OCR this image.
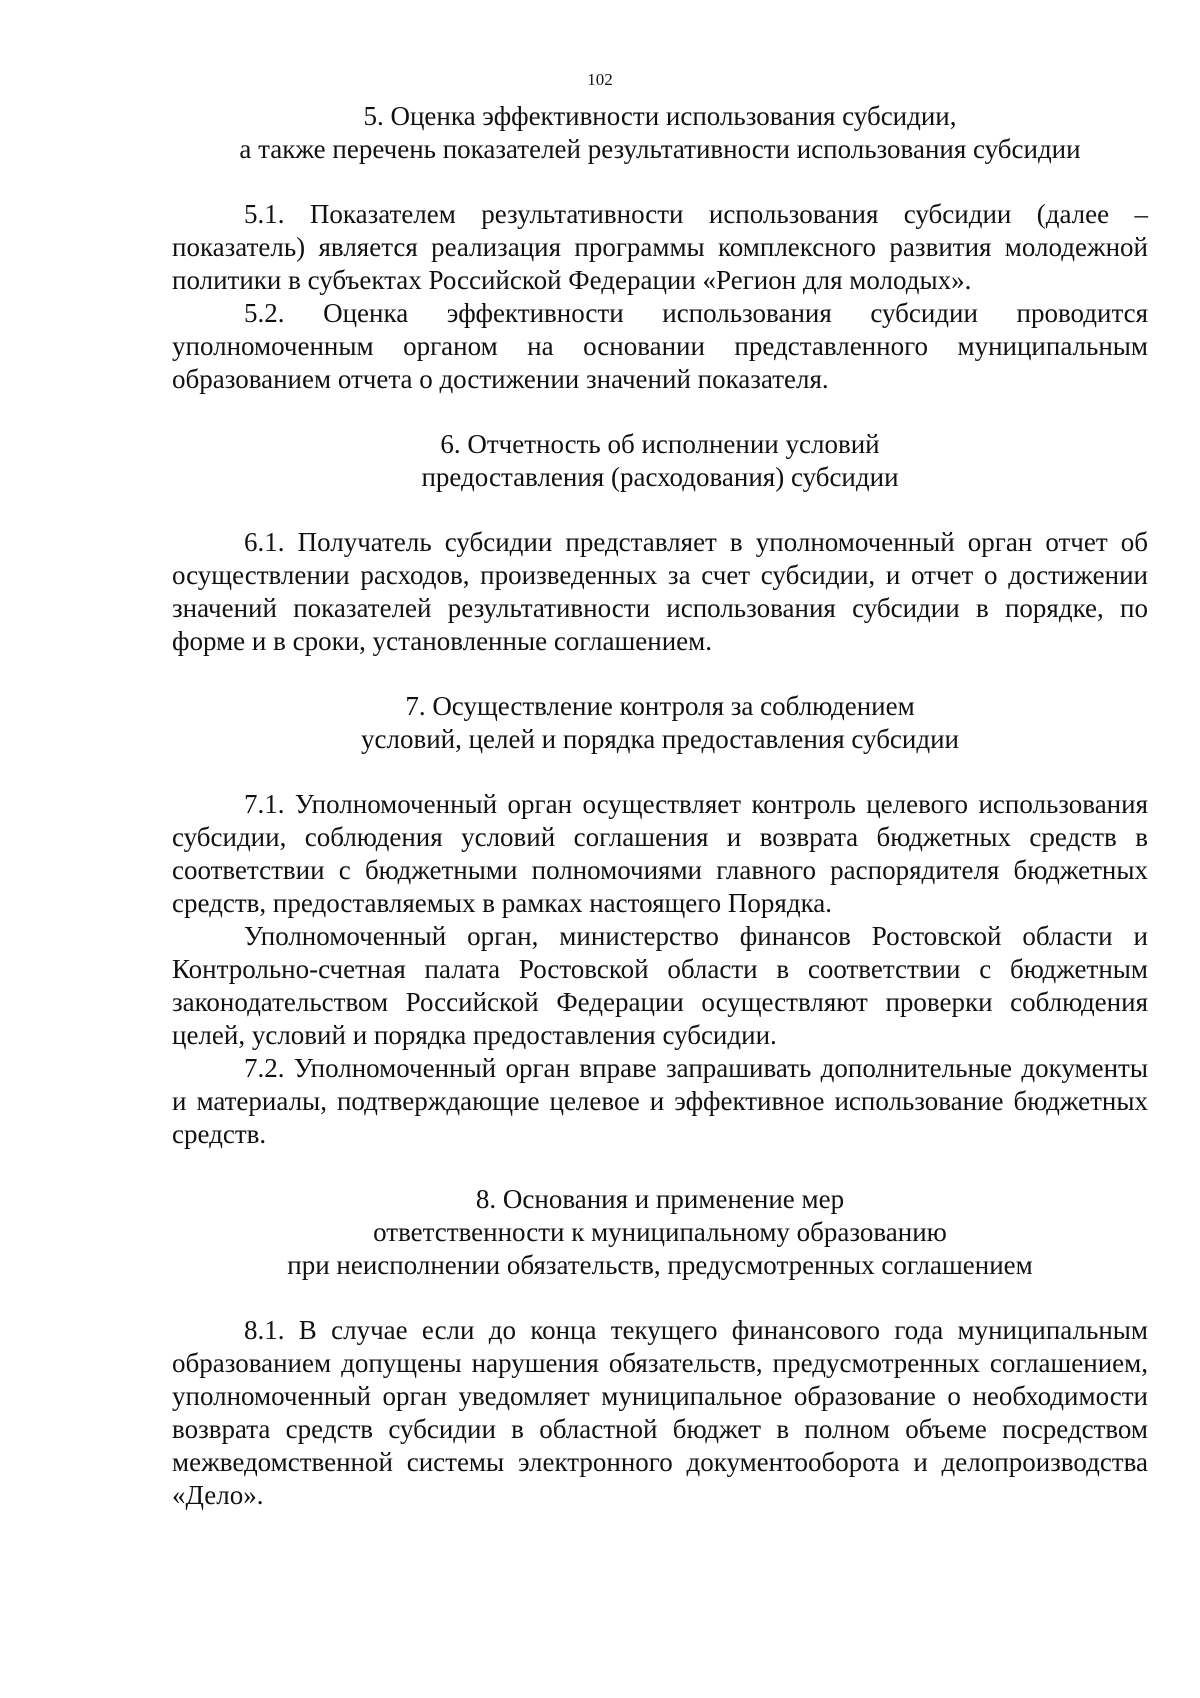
102
5. Оценка эффективности использования субсидии,
а также перечень показателей результативности использования субсидии

5.1. Показателем результативности использования субсидии (далее – показатель) является реализация программы комплексного развития молодежной политики в субъектах Российской Федерации «Регион для молодых».

5.2. Оценка эффективности использования субсидии проводится уполномоченным органом на основании представленного муниципальным образованием отчета о достижении значений показателя.

6. Отчетность об исполнении условий
предоставления (расходования) субсидии

6.1. Получатель субсидии представляет в уполномоченный орган отчет об осуществлении расходов, произведенных за счет субсидии, и отчет о достижении значений показателей результативности использования субсидии в порядке, по форме и в сроки, установленные соглашением.

7. Осуществление контроля за соблюдением
условий, целей и порядка предоставления субсидии

7.1. Уполномоченный орган осуществляет контроль целевого использования субсидии, соблюдения условий соглашения и возврата бюджетных средств в соответствии с бюджетными полномочиями главного распорядителя бюджетных средств, предоставляемых в рамках настоящего Порядка.

Уполномоченный орган, министерство финансов Ростовской области и Контрольно-счетная палата Ростовской области в соответствии с бюджетным законодательством Российской Федерации осуществляют проверки соблюдения целей, условий и порядка предоставления субсидии.

7.2. Уполномоченный орган вправе запрашивать дополнительные документы и материалы, подтверждающие целевое и эффективное использование бюджетных средств.

8. Основания и применение мер
ответственности к муниципальному образованию
при неисполнении обязательств, предусмотренных соглашением

8.1. В случае если до конца текущего финансового года муниципальным образованием допущены нарушения обязательств, предусмотренных соглашением, уполномоченный орган уведомляет муниципальное образование о необходимости возврата средств субсидии в областной бюджет в полном объеме посредством межведомственной системы электронного документооборота и делопроизводства «Дело».
